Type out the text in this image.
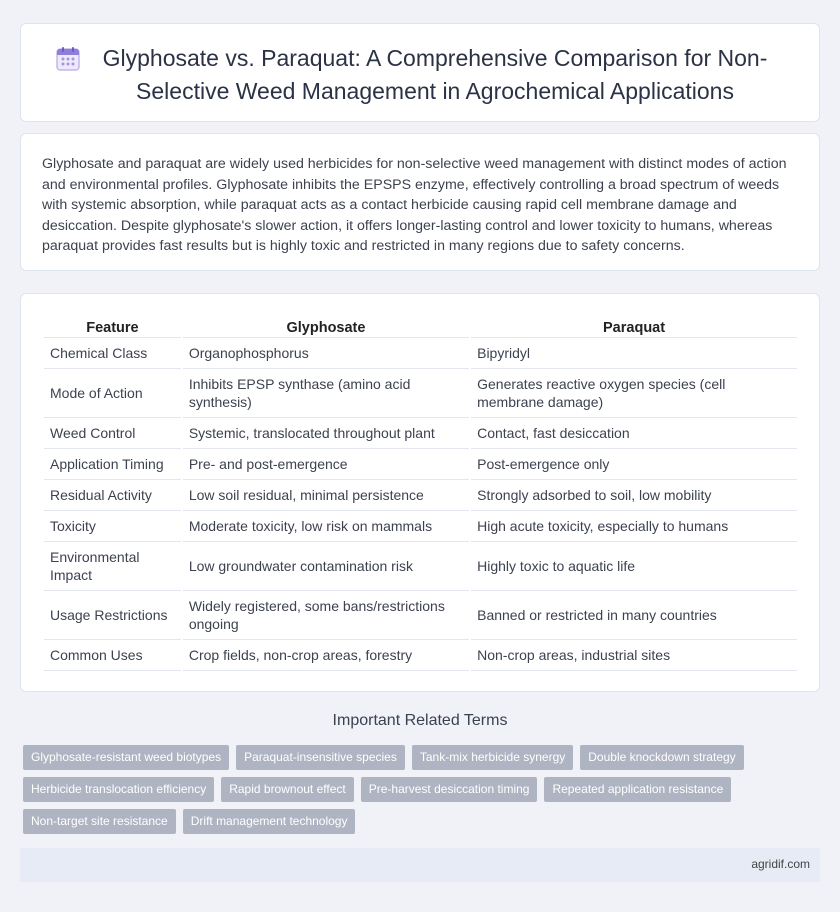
Glyphosate vs. Paraquat: A Comprehensive Comparison for Non-Selective Weed Management in Agrochemical Applications

Glyphosate and paraquat are widely used herbicides for non-selective weed management with distinct modes of action and environmental profiles. Glyphosate inhibits the EPSPS enzyme, effectively controlling a broad spectrum of weeds with systemic absorption, while paraquat acts as a contact herbicide causing rapid cell membrane damage and desiccation. Despite glyphosate's slower action, it offers longer-lasting control and lower toxicity to humans, whereas paraquat provides fast results but is highly toxic and restricted in many regions due to safety concerns.

Feature	Glyphosate	Paraquat
Chemical Class	Organophosphorus	Bipyridyl
Mode of Action	Inhibits EPSP synthase (amino acid synthesis)	Generates reactive oxygen species (cell membrane damage)
Weed Control	Systemic, translocated throughout plant	Contact, fast desiccation
Application Timing	Pre- and post-emergence	Post-emergence only
Residual Activity	Low soil residual, minimal persistence	Strongly adsorbed to soil, low mobility
Toxicity	Moderate toxicity, low risk on mammals	High acute toxicity, especially to humans
Environmental Impact	Low groundwater contamination risk	Highly toxic to aquatic life
Usage Restrictions	Widely registered, some bans/restrictions ongoing	Banned or restricted in many countries
Common Uses	Crop fields, non-crop areas, forestry	Non-crop areas, industrial sites
Important Related Terms
Glyphosate-resistant weed biotypes	Paraquat-insensitive species	Tank-mix herbicide synergy	Double knockdown strategy
Herbicide translocation efficiency	Rapid brownout effect	Pre-harvest desiccation timing	Repeated application resistance
Non-target site resistance	Drift management technology
agridif.com
